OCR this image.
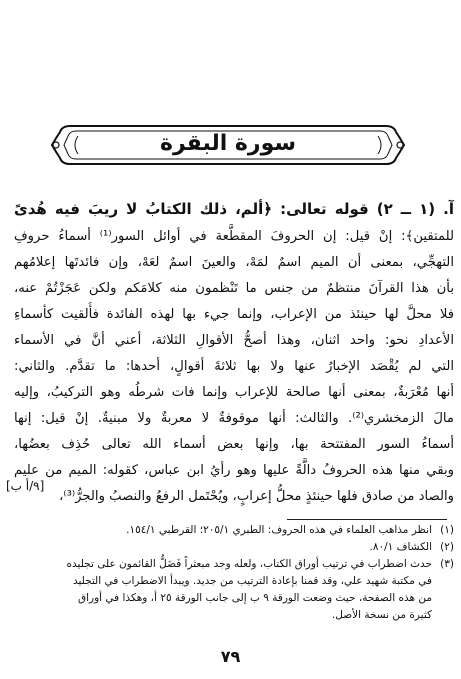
سورة البقرة
آ. (١ ــ ٢) قوله تعالى: ﴿ألم، ذلك الكتابُ لا ريبَ فيه هُدىً
للمتقين﴾: إنْ قيل: إن الحروفَ المقطَّعة في أوائل السور⁽¹⁾ أسماءُ حروفِ
التهجِّي، بمعنى أن الميم اسمٌ لمَهْ، والعينَ اسمٌ لعَهْ، وإن فائدتَها إعلامُهم
بأن هذا القرآنَ منتظمٌ من جنس ما تَنْظمون منه كلامَكم ولكن عَجَزْتُمْ عنه،
فلا محلَّ لها حينئذ من الإعراب، وإنما جيء بها لهذه الفائدة فأُلقيت كأسماءِ
الأعدادِ نحو: واحد اثنان، وهذا أصحُّ الأقوالِ الثلاثة، أعني أنَّ في الأسماء
التي لم يُقْصَد الإخبارُ عنها ولا بها ثلاثةَ أقوالٍ، أحدها: ما تقدَّم. والثاني:
أنها مُعْرَبةٌ، بمعنى أنها صالحة للإعراب وإنما فات شرطُه وهو التركيبُ، وإليه
مالَ الزمخشري⁽²⁾. والثالث: أنها موقوفةٌ لا معربةٌ ولا مبنيةٌ. إنْ قيل: إنها
أسماءُ السور المفتتحة بها، وإنها بعض أسماء الله تعالى حُذِف بعضُها،
وبقي منها هذه الحروفُ دالَّةً عليها وهو رأيُ ابن عباس، كقوله: الميم من عليم
والصاد من صادق فلها حينئذٍ محلُّ إعرابٍ، ويُحْتَمل الرفعُ والنصبُ والجرُّ⁽³⁾،
[٩/أ ب]
(١)
انظر مذاهب العلماء في هذه الحروف: الطبري ٢٠٥/١؛ القرطبي ١٥٤/١.
(٢)
الكشاف ٨٠/١.
(٣)
حدث اضطراب في ترتيب أوراق الكتاب، ولعله وجد مبعثراً فَضَلُّ القائمون على تجليده
في مكتبة شهيد علي، وقد قمنا بإعادة الترتيب من جديد. ويبدأ الاضطراب في التجليد
من هذه الصفحة، حيث وضعت الورقة ٩ ب إلى جانب الورقة ٢٥ أ، وهكذا في أوراق
كثيرة من نسخة الأصل.
٧٩
